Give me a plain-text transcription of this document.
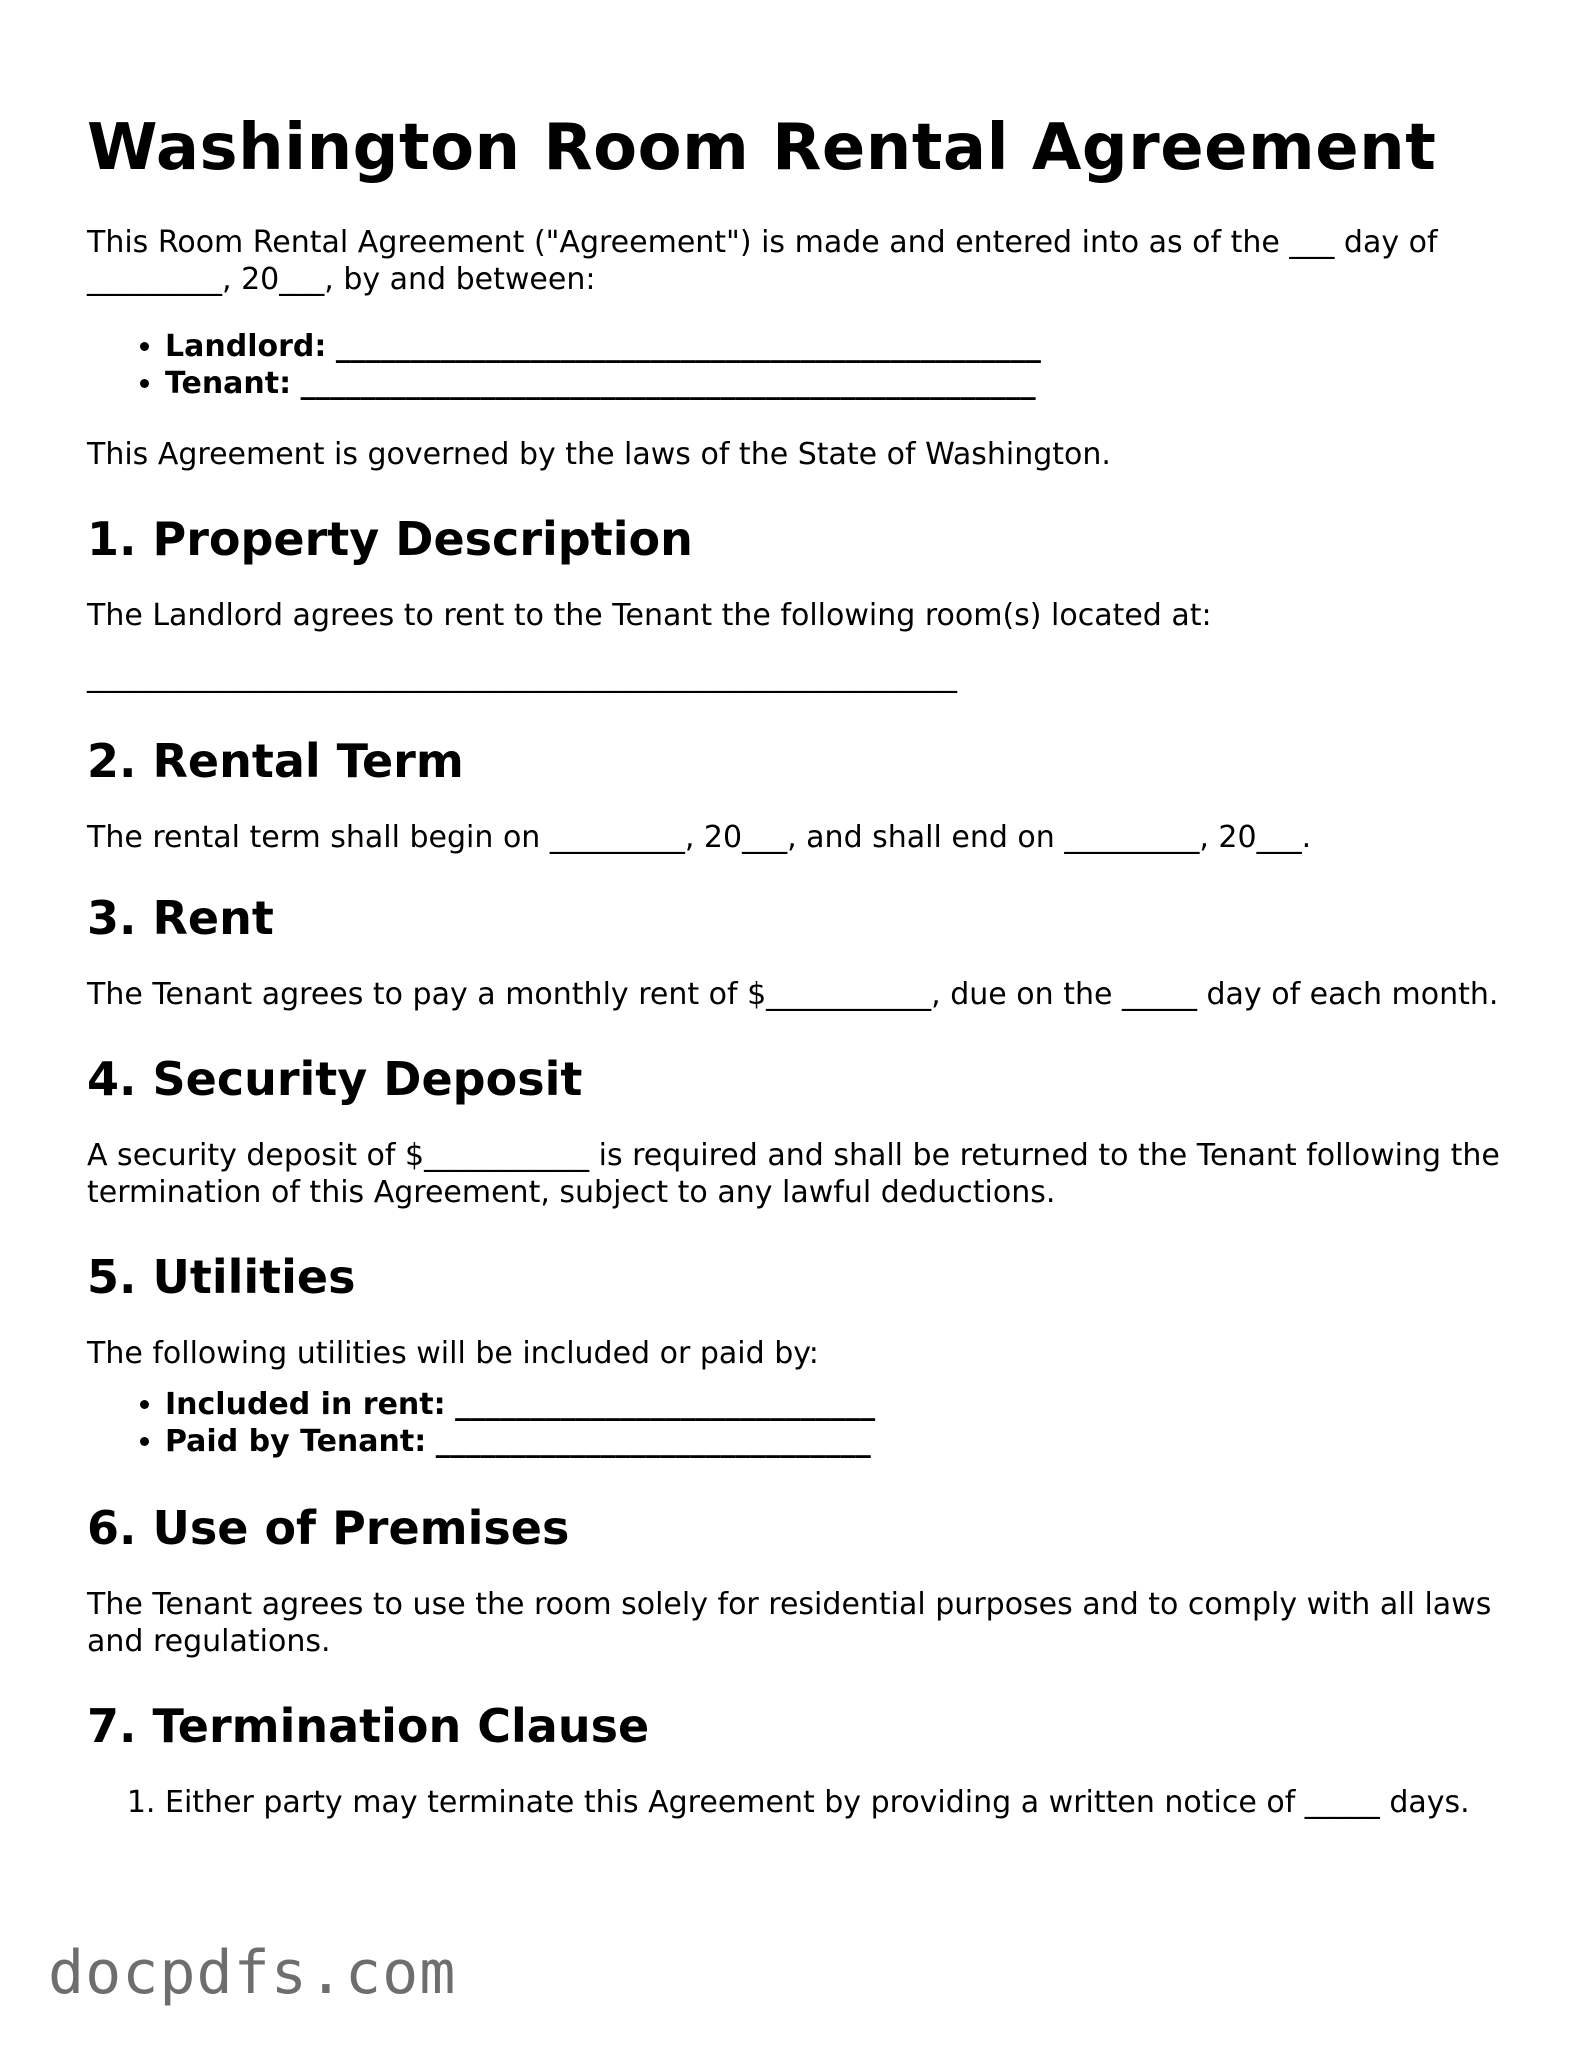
Washington Room Rental Agreement

This Room Rental Agreement ("Agreement") is made and entered into as of the ___ day of _________, 20___, by and between:

• Landlord: _______________________________________________
• Tenant: _________________________________________________

This Agreement is governed by the laws of the State of Washington.

1. Property Description

The Landlord agrees to rent to the Tenant the following room(s) located at:

__________________________________________________________
2. Rental Term

The rental term shall begin on _________, 20___, and shall end on _________, 20___.

3. Rent

The Tenant agrees to pay a monthly rent of $___________, due on the _____ day of each month.

4. Security Deposit

A security deposit of $___________ is required and shall be returned to the Tenant following the termination of this Agreement, subject to any lawful deductions.

5. Utilities

The following utilities will be included or paid by:

• Included in rent: ____________________________
• Paid by Tenant: _____________________________
6. Use of Premises

The Tenant agrees to use the room solely for residential purposes and to comply with all laws and regulations.

7. Termination Clause
1. Either party may terminate this Agreement by providing a written notice of _____ days.
docpdfs.com
